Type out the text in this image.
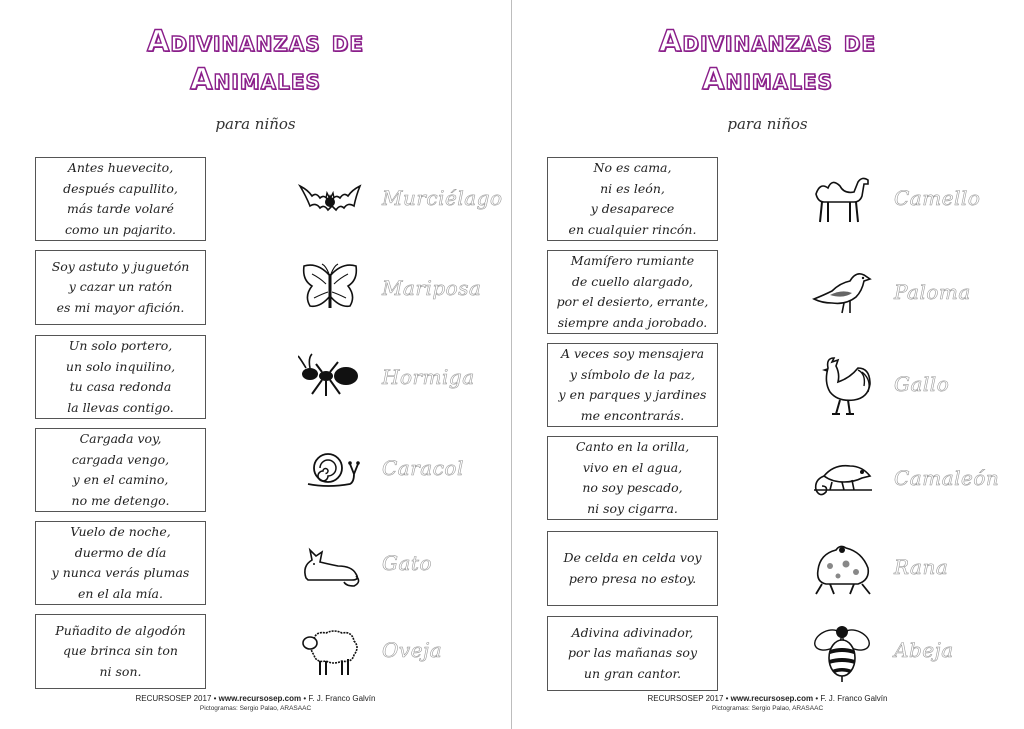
Adivinanzas de
Animales
para niños
Antes huevecito,
después capullito,
más tarde volaré
como un pajarito.
Murciélago
Soy astuto y juguetón
y cazar un ratón
es mi mayor afición.
Mariposa
Un solo portero,
un solo inquilino,
tu casa redonda
la llevas contigo.
Hormiga
Cargada voy,
cargada vengo,
y en el camino,
no me detengo.
Caracol
Vuelo de noche,
duermo de día
y nunca verás plumas
en el ala mía.
Gato
Puñadito de algodón
que brinca sin ton
ni son.
Oveja
RECURSOSEP 2017 • www.recursosep.com • F. J. Franco Galvín
Pictogramas: Sergio Palao, ARASAAC
Adivinanzas de
Animales
para niños
No es cama,
ni es león,
y desaparece
en cualquier rincón.
Camello
Mamífero rumiante
de cuello alargado,
por el desierto, errante,
siempre anda jorobado.
Paloma
A veces soy mensajera
y símbolo de la paz,
y en parques y jardines
me encontrarás.
Gallo
Canto en la orilla,
vivo en el agua,
no soy pescado,
ni soy cigarra.
Camaleón
De celda en celda voy
pero presa no estoy.	Rana
Adivina adivinador,
por las mañanas soy
un gran cantor.
Abeja
RECURSOSEP 2017 • www.recursosep.com • F. J. Franco Galvín
Pictogramas: Sergio Palao, ARASAAC
